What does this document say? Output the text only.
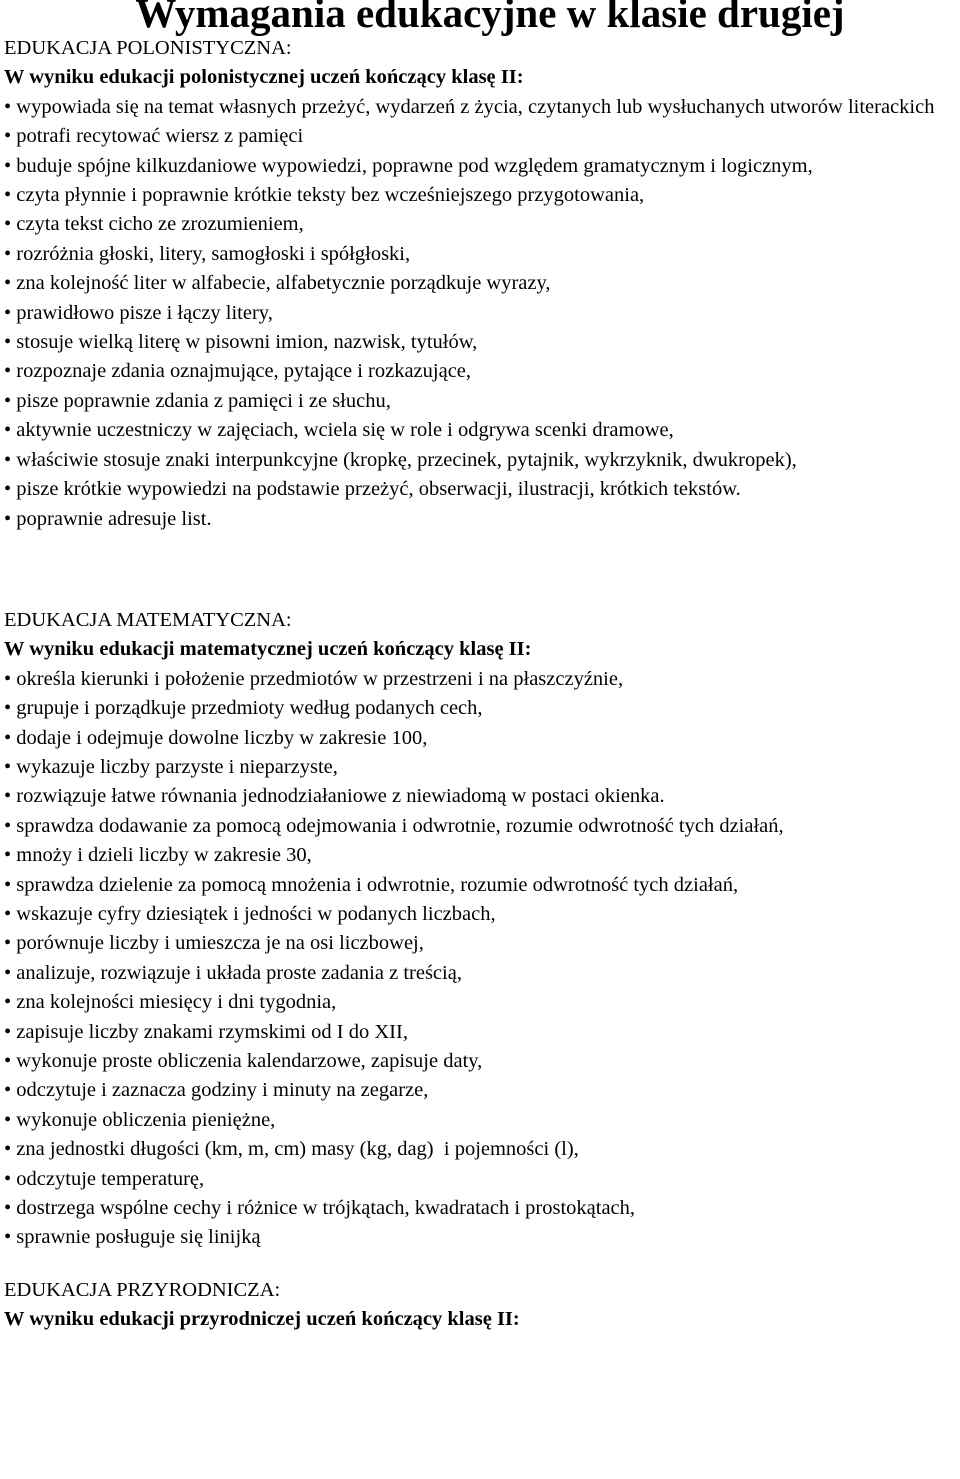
Wymagania edukacyjne w klasie drugiej

EDUKACJA POLONISTYCZNA:

W wyniku edukacji polonistycznej uczeń kończący klasę II:

• wypowiada się na temat własnych przeżyć, wydarzeń z życia, czytanych lub wysłuchanych utworów literackich
• potrafi recytować wiersz z pamięci
• buduje spójne kilkuzdaniowe wypowiedzi, poprawne pod względem gramatycznym i logicznym,
• czyta płynnie i poprawnie krótkie teksty bez wcześniejszego przygotowania,
• czyta tekst cicho ze zrozumieniem,
• rozróżnia głoski, litery, samogłoski i spółgłoski,
• zna kolejność liter w alfabecie, alfabetycznie porządkuje wyrazy,
• prawidłowo pisze i łączy litery,
• stosuje wielką literę w pisowni imion, nazwisk, tytułów,
• rozpoznaje zdania oznajmujące, pytające i rozkazujące,
• pisze poprawnie zdania z pamięci i ze słuchu,
• aktywnie uczestniczy w zajęciach, wciela się w role i odgrywa scenki dramowe,
• właściwie stosuje znaki interpunkcyjne (kropkę, przecinek, pytajnik, wykrzyknik, dwukropek),
• pisze krótkie wypowiedzi na podstawie przeżyć, obserwacji, ilustracji, krótkich tekstów.
• poprawnie adresuje list.

EDUKACJA MATEMATYCZNA:

W wyniku edukacji matematycznej uczeń kończący klasę II:

• określa kierunki i położenie przedmiotów w przestrzeni i na płaszczyźnie,
• grupuje i porządkuje przedmioty według podanych cech,
• dodaje i odejmuje dowolne liczby w zakresie 100,
• wykazuje liczby parzyste i nieparzyste,
• rozwiązuje łatwe równania jednodziałaniowe z niewiadomą w postaci okienka.
• sprawdza dodawanie za pomocą odejmowania i odwrotnie, rozumie odwrotność tych działań,
• mnoży i dzieli liczby w zakresie 30,
• sprawdza dzielenie za pomocą mnożenia i odwrotnie, rozumie odwrotność tych działań,
• wskazuje cyfry dziesiątek i jedności w podanych liczbach,
• porównuje liczby i umieszcza je na osi liczbowej,
• analizuje, rozwiązuje i układa proste zadania z treścią,
• zna kolejności miesięcy i dni tygodnia,
• zapisuje liczby znakami rzymskimi od I do XII,
• wykonuje proste obliczenia kalendarzowe, zapisuje daty,
• odczytuje i zaznacza godziny i minuty na zegarze,
• wykonuje obliczenia pieniężne,
• zna jednostki długości (km, m, cm) masy (kg, dag)  i pojemności (l),
• odczytuje temperaturę,
• dostrzega wspólne cechy i różnice w trójkątach, kwadratach i prostokątach,
• sprawnie posługuje się linijką

EDUKACJA PRZYRODNICZA:

W wyniku edukacji przyrodniczej uczeń kończący klasę II:
